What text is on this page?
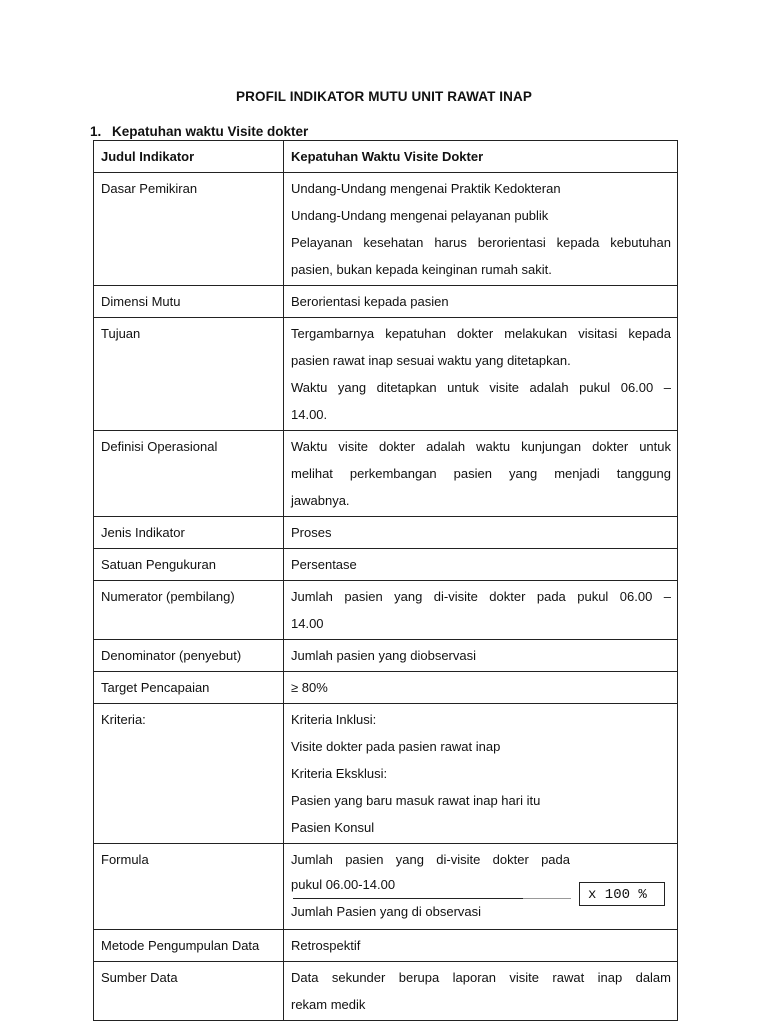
PROFIL INDIKATOR MUTU UNIT RAWAT INAP
1. Kepatuhan waktu Visite dokter
Judul Indikator	Kepatuhan Waktu Visite Dokter
Dasar Pemikiran	Undang-Undang mengenai Praktik Kedokteran
Undang-Undang mengenai pelayanan publik
Pelayanan kesehatan harus berorientasi kepada kebutuhan
pasien, bukan kepada keinginan rumah sakit.

Dimensi Mutu	Berorientasi kepada pasien
Tujuan	Tergambarnya kepatuhan dokter melakukan visitasi kepada
pasien rawat inap sesuai waktu yang ditetapkan.
Waktu yang ditetapkan untuk visite adalah pukul 06.00 –
14.00.

Definisi Operasional	Waktu visite dokter adalah waktu kunjungan dokter untuk
melihat perkembangan pasien yang menjadi tanggung
jawabnya.

Jenis Indikator	Proses
Satuan Pengukuran	Persentase
Numerator (pembilang)	Jumlah pasien yang di-visite dokter pada pukul 06.00 –
14.00

Denominator (penyebut)	Jumlah pasien yang diobservasi
Target Pencapaian	≥ 80%
Kriteria:	Kriteria Inklusi:
Visite dokter pada pasien rawat inap
Kriteria Eksklusi:
Pasien yang baru masuk rawat inap hari itu
Pasien Konsul

Formula	Jumlah pasien yang di-visite dokter pada
pukul 06.00-14.00
Jumlah Pasien yang di observasi
x 100 %

Metode Pengumpulan Data	Retrospektif
Sumber Data	Data sekunder berupa laporan visite rawat inap dalam
rekam medik
